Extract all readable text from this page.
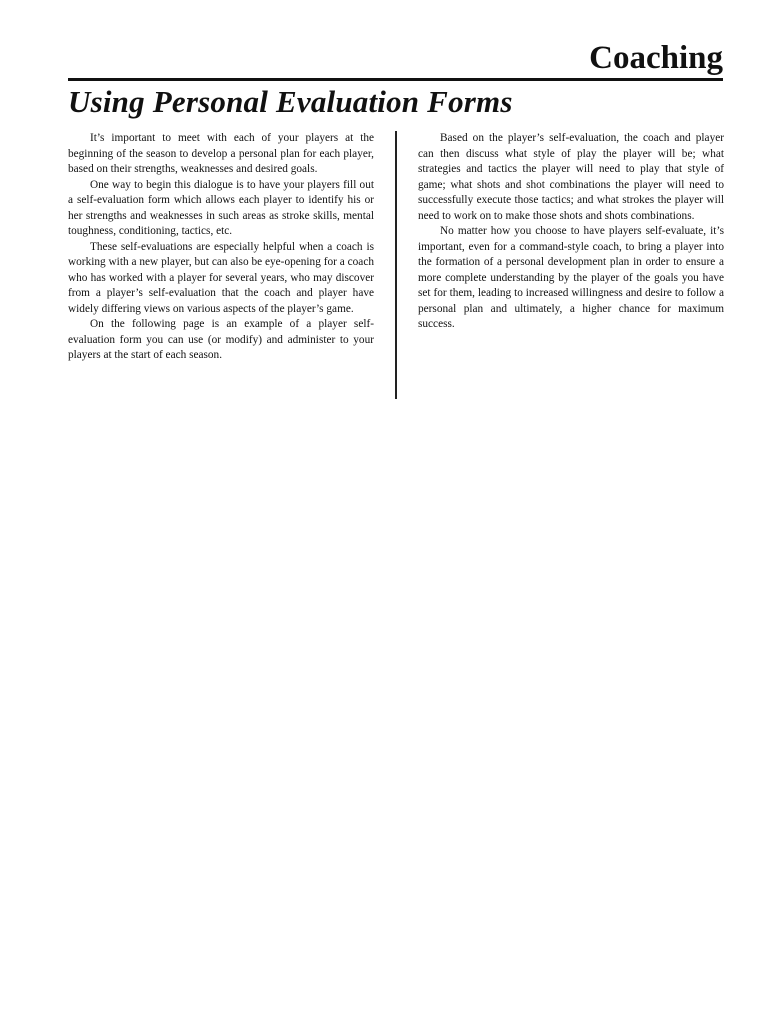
Coaching
Using Personal Evaluation Forms

It’s important to meet with each of your players at the beginning of the season to develop a personal plan for each player, based on their strengths, weaknesses and desired goals.

One way to begin this dialogue is to have your players fill out a self-evaluation form which allows each player to identify his or her strengths and weaknesses in such areas as stroke skills, mental toughness, conditioning, tactics, etc.

These self-evaluations are especially helpful when a coach is working with a new player, but can also be eye-opening for a coach who has worked with a player for several years, who may discover from a player’s self-evaluation that the coach and player have widely differing views on various aspects of the player’s game.

On the following page is an example of a player self-evaluation form you can use (or modify) and administer to your players at the start of each season.

Based on the player’s self-evaluation, the coach and player can then discuss what style of play the player will be; what strategies and tactics the player will need to play that style of game; what shots and shot combinations the player will need to successfully execute those tactics; and what strokes the player will need to work on to make those shots and shots combinations.

No matter how you choose to have players self-evaluate, it’s important, even for a command-style coach, to bring a player into the formation of a personal development plan in order to ensure a more complete understanding by the player of the goals you have set for them, leading to increased willingness and desire to follow a personal plan and ultimately, a higher chance for maximum success.
